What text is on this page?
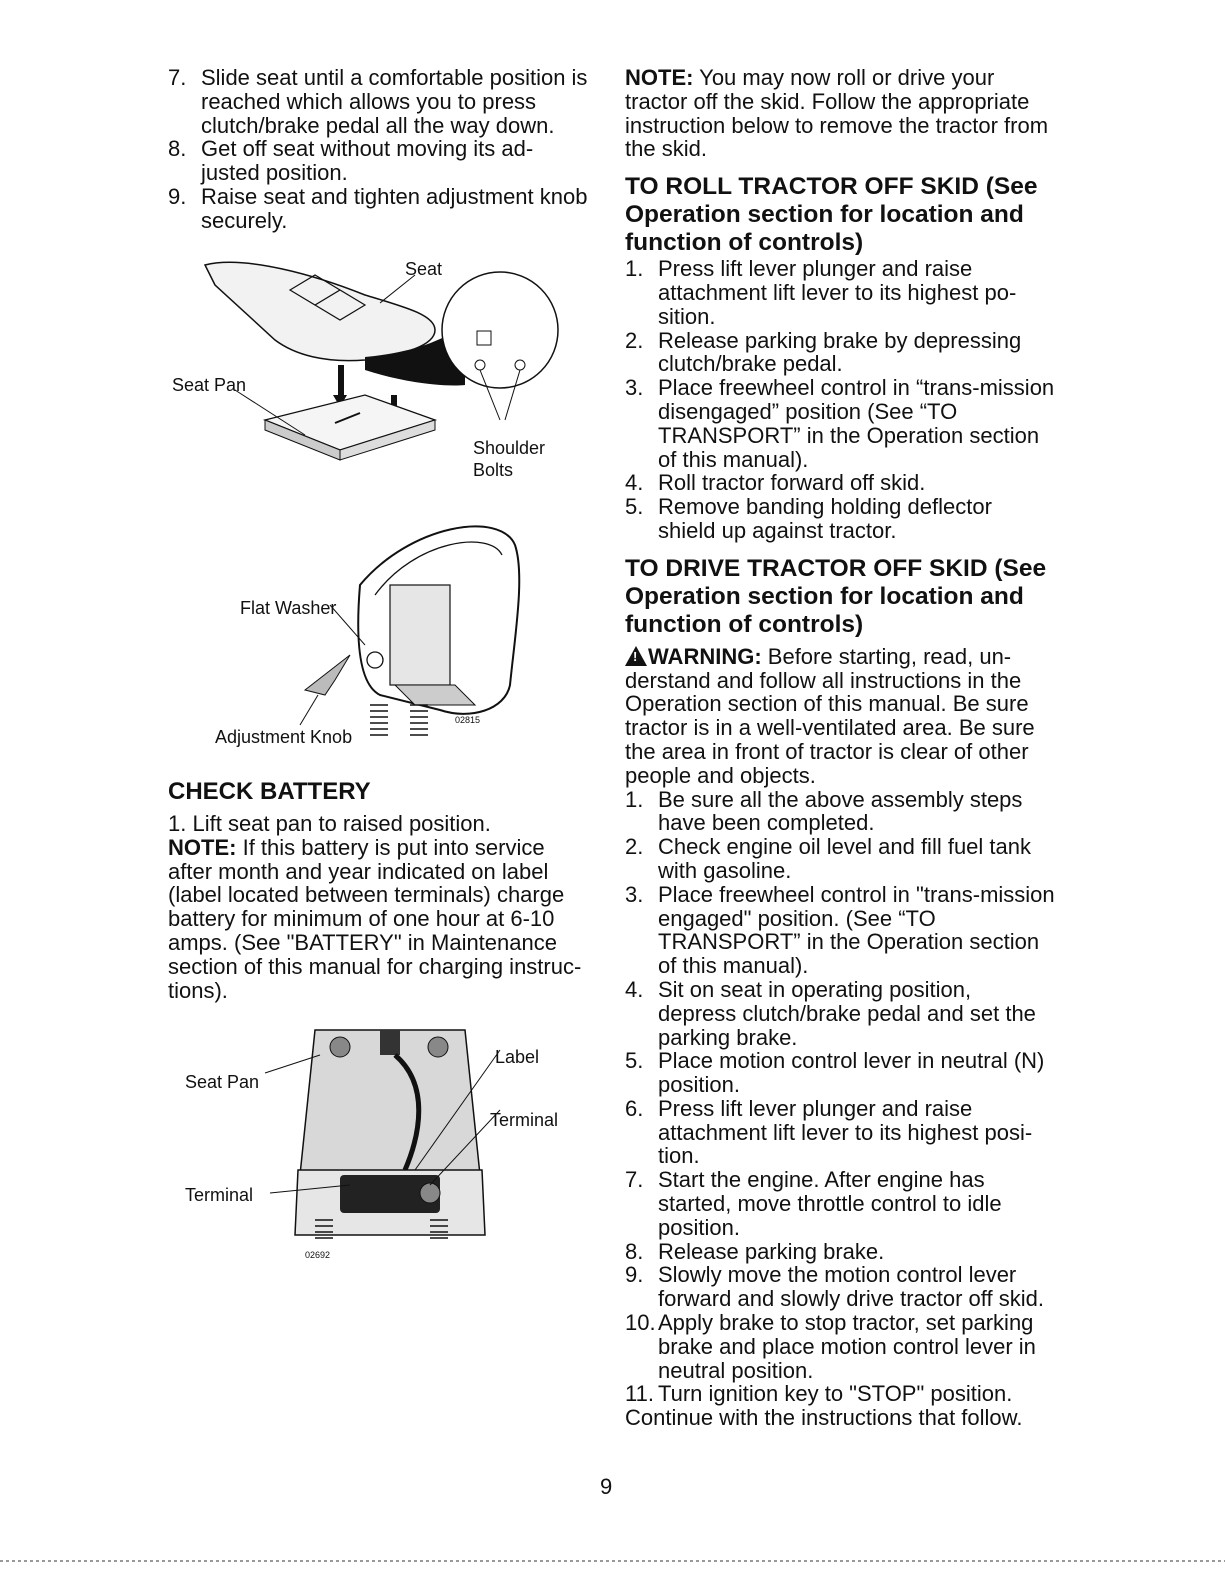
7. Slide seat until a comfortable position is reached which allows you to press clutch/brake pedal all the way down.
8. Get off seat without moving its ad-justed position.
9. Raise seat and tighten adjustment knob securely.
Seat
Seat Pan
Shoulder
Bolts
Flat Washer
Adjustment Knob
02815
CHECK BATTERY
1. Lift seat pan to raised position.

NOTE: If this battery is put into service after month and year indicated on label (label located between terminals) charge battery for minimum of one hour at 6-10 amps. (See "BATTERY" in Maintenance section of this manual for charging instruc-tions).

Seat Pan
Label
Terminal
Terminal
02692

NOTE: You may now roll or drive your tractor off the skid. Follow the appropriate instruction below to remove the tractor from the skid.

TO ROLL TRACTOR OFF SKID (See Operation section for location and function of controls)
1. Press lift lever plunger and raise attachment lift lever to its highest po-sition.
2. Release parking brake by depressing clutch/brake pedal.
3. Place freewheel control in “trans-mission disengaged” position (See “TO TRANSPORT” in the Operation section of this manual).
4. Roll tractor forward off skid.
5. Remove banding holding deflector shield up against tractor.
TO DRIVE TRACTOR OFF SKID (See Operation section for location and function of controls)

!WARNING: Before starting, read, un-derstand and follow all instructions in the Operation section of this manual. Be sure tractor is in a well-ventilated area. Be sure the area in front of tractor is clear of other people and objects.

1. Be sure all the above assembly steps have been completed.
2. Check engine oil level and fill fuel tank with gasoline.
3. Place freewheel control in "trans-mission engaged" position. (See “TO TRANSPORT” in the Operation section of this manual).
4. Sit on seat in operating position, depress clutch/brake pedal and set the parking brake.
5. Place motion control lever in neutral (N) position.
6. Press lift lever plunger and raise attachment lift lever to its highest posi-tion.
7. Start the engine. After engine has started, move throttle control to idle position.
8. Release parking brake.
9. Slowly move the motion control lever forward and slowly drive tractor off skid.
10. Apply brake to stop tractor, set parking brake and place motion control lever in neutral position.
11. Turn ignition key to "STOP" position.

Continue with the instructions that follow.

9
